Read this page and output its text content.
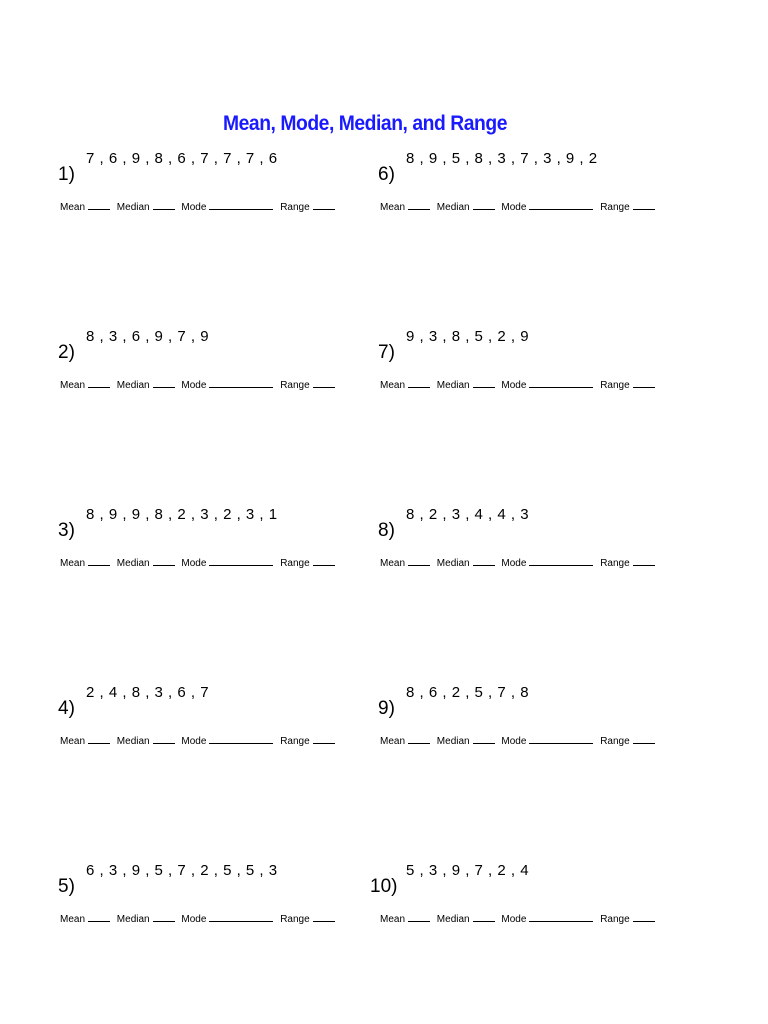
Mean, Mode, Median, and Range
1)
7 , 6 , 9 , 8 , 6 , 7 , 7 , 7 , 6
Mean	Median	Mode	Range
2)
8 , 3 , 6 , 9 , 7 , 9
Mean	Median	Mode	Range
3)
8 , 9 , 9 , 8 , 2 , 3 , 2 , 3 , 1
Mean	Median	Mode	Range
4)
2 , 4 , 8 , 3 , 6 , 7
Mean	Median	Mode	Range
5)
6 , 3 , 9 , 5 , 7 , 2 , 5 , 5 , 3
Mean	Median	Mode	Range
6)
8 , 9 , 5 , 8 , 3 , 7 , 3 , 9 , 2
Mean	Median	Mode	Range
7)
9 , 3 , 8 , 5 , 2 , 9
Mean	Median	Mode	Range
8)
8 , 2 , 3 , 4 , 4 , 3
Mean	Median	Mode	Range
9)
8 , 6 , 2 , 5 , 7 , 8
Mean	Median	Mode	Range
10)
5 , 3 , 9 , 7 , 2 , 4
Mean	Median	Mode	Range
